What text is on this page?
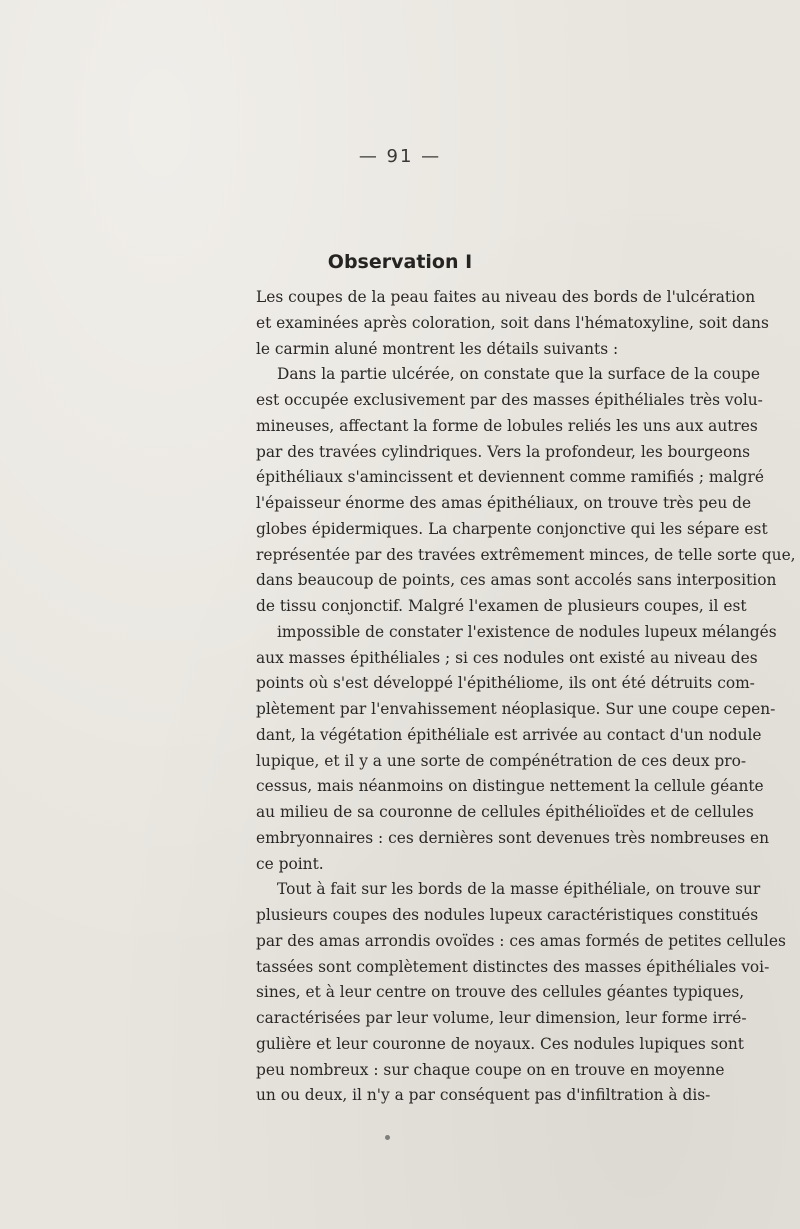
— 91 —
Observation I
Les coupes de la peau faites au niveau des bords de l'ulcération
et examinées après coloration, soit dans l'hématoxyline, soit dans
le carmin aluné montrent les détails suivants :
Dans la partie ulcérée, on constate que la surface de la coupe
est occupée exclusivement par des masses épithéliales très volu-
mineuses, affectant la forme de lobules reliés les uns aux autres
par des travées cylindriques. Vers la profondeur, les bourgeons
épithéliaux s'amincissent et deviennent comme ramifiés ; malgré
l'épaisseur énorme des amas épithéliaux, on trouve très peu de
globes épidermiques. La charpente conjonctive qui les sépare est
représentée par des travées extrêmement minces, de telle sorte que,
dans beaucoup de points, ces amas sont accolés sans interposition
de tissu conjonctif. Malgré l'examen de plusieurs coupes, il est
impossible de constater l'existence de nodules lupeux mélangés
aux masses épithéliales ; si ces nodules ont existé au niveau des
points où s'est développé l'épithéliome, ils ont été détruits com-
plètement par l'envahissement néoplasique. Sur une coupe cepen-
dant, la végétation épithéliale est arrivée au contact d'un nodule
lupique, et il y a une sorte de compénétration de ces deux pro-
cessus, mais néanmoins on distingue nettement la cellule géante
au milieu de sa couronne de cellules épithélioïdes et de cellules
embryonnaires : ces dernières sont devenues très nombreuses en
ce point.
Tout à fait sur les bords de la masse épithéliale, on trouve sur
plusieurs coupes des nodules lupeux caractéristiques constitués
par des amas arrondis ovoïdes : ces amas formés de petites cellules
tassées sont complètement distinctes des masses épithéliales voi-
sines, et à leur centre on trouve des cellules géantes typiques,
caractérisées par leur volume, leur dimension, leur forme irré-
gulière et leur couronne de noyaux. Ces nodules lupiques sont
peu nombreux : sur chaque coupe on en trouve en moyenne
un ou deux, il n'y a par conséquent pas d'infiltration à dis-
